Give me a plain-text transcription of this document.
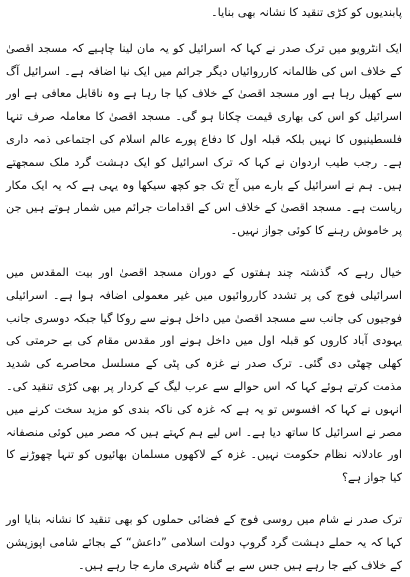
پابندیوں کو کڑی تنقید کا نشانہ بھی بنایا۔

ایک انٹرویو میں ترک صدر نے کہا کہ اسرائیل کو یہ مان لینا چاہیے کہ مسجد اقصیٰ کے خلاف اس کی ظالمانہ کارروائیاں دیگر جرائم میں ایک نیا اضافہ ہے۔ اسرائیل آگ سے کھیل رہا ہے اور مسجد اقصیٰ کے خلاف کیا جا رہا ہے وہ ناقابل معافی ہے اور اسرائیل کو اس کی بھاری قیمت چکانا ہو گی۔ مسجد اقصیٰ کا معاملہ صرف تنہا فلسطینیوں کا نہیں بلکہ قبلہ اول کا دفاع پورے عالم اسلام کی اجتماعی ذمہ داری ہے۔ رجب طیب اردوان نے کہا کہ ترک اسرائیل کو ایک دہشت گرد ملک سمجھتے ہیں۔ ہم نے اسرائیل کے بارے میں آج تک جو کچھ سیکھا وہ یہی ہے کہ یہ ایک مکار ریاست ہے۔ مسجد اقصیٰ کے خلاف اس کے اقدامات جرائم میں شمار ہوتے ہیں جن پر خاموش رہنے کا کوئی جواز نہیں۔

خیال رہے کہ گذشتہ چند ہفتوں کے دوران مسجد اقصیٰ اور بیت المقدس میں اسرائیلی فوج کی پر تشدد کارروائیوں میں غیر معمولی اضافہ ہوا ہے۔ اسرائیلی فوجیوں کی جانب سے مسجد اقصیٰ میں داخل ہونے سے روکا گیا جبکہ دوسری جانب یہودی آباد کاروں کو قبلہ اول میں داخل ہونے اور مقدس مقام کی بے حرمتی کی کھلی چھٹی دی گئی۔ ترک صدر نے غزہ کی پٹی کے مسلسل محاصرے کی شدید مذمت کرتے ہوئے کہا کہ اس حوالے سے عرب لیگ کے کردار پر بھی کڑی تنقید کی۔ انہوں نے کہا کہ افسوس تو یہ ہے کہ غزہ کی ناکہ بندی کو مزید سخت کرنے میں مصر نے اسرائیل کا ساتھ دیا ہے۔ اس لیے ہم کہتے ہیں کہ مصر میں کوئی منصفانہ اور عادلانہ نظام حکومت نہیں۔ غزہ کے لاکھوں مسلمان بھائیوں کو تنہا چھوڑنے کا کیا جواز ہے؟

ترک صدر نے شام میں روسی فوج کے فضائی حملوں کو بھی تنقید کا نشانہ بنایا اور کہا کہ یہ حملے دہشت گرد گروپ دولت اسلامی ”داعش“ کے بجائے شامی اپوزیشن کے خلاف کیے جا رہے ہیں جس سے بے گناہ شہری مارے جا رہے ہیں۔
